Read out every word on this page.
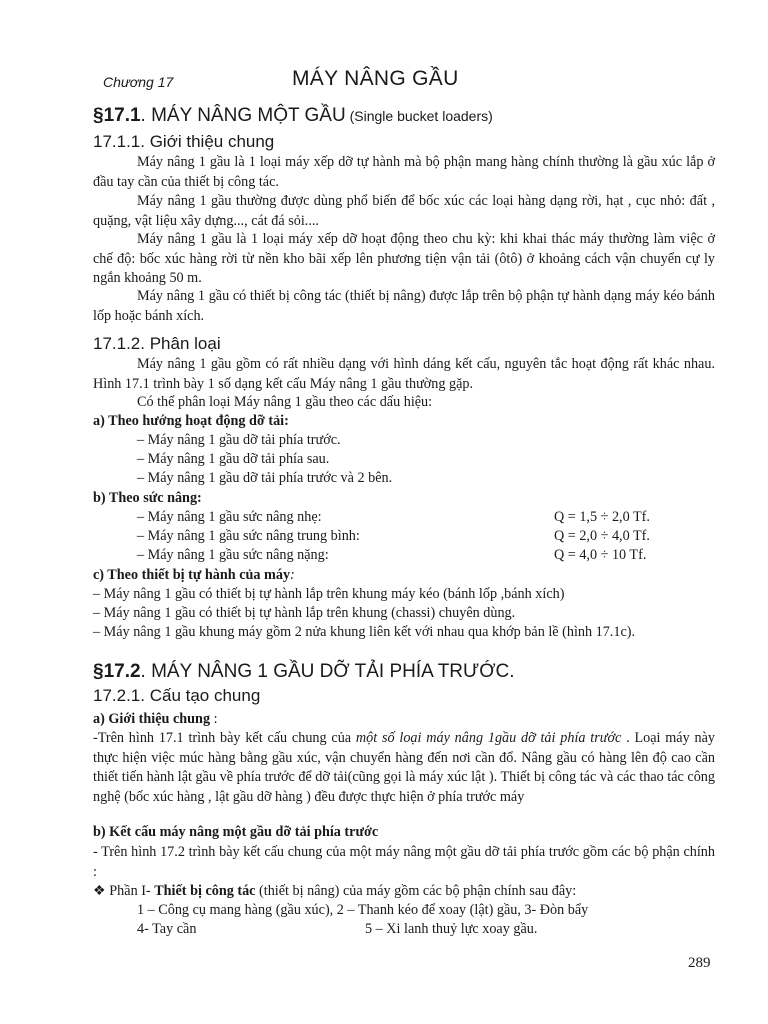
Chương 17	MÁY NÂNG GẦU
§17.1. MÁY NÂNG MỘT GẦU (Single bucket loaders)
17.1.1. Giới thiệu chung
Máy nâng 1 gầu là 1 loại máy xếp dỡ tự hành mà bộ phận mang hàng chính thường là gầu xúc lắp ở đầu tay cần của thiết bị công tác.
Máy nâng 1 gầu thường được dùng phổ biến để bốc xúc các loại hàng dạng rời, hạt , cục nhỏ: đất , quặng, vật liệu xây dựng..., cát đá sỏi....
Máy nâng 1 gầu là 1 loại máy xếp dỡ hoạt động theo chu kỳ: khi khai thác máy thường làm việc ở chế độ: bốc xúc hàng rời từ nền kho bãi xếp lên phương tiện vận tải (ôtô) ở khoảng cách vận chuyển cự ly ngắn khoảng 50 m.
Máy nâng 1 gầu có thiết bị công tác (thiết bị nâng) được lắp trên bộ phận tự hành dạng máy kéo bánh lốp hoặc bánh xích.
17.1.2. Phân loại
Máy nâng 1 gầu gồm có rất nhiều dạng với hình dáng kết cấu, nguyên tắc hoạt động rất khác nhau. Hình 17.1 trình bày 1 số dạng kết cấu Máy nâng 1 gầu thường gặp.
Có thể phân loại Máy nâng 1 gầu theo các dấu hiệu:
a) Theo hướng hoạt động dỡ tải:
– Máy nâng 1 gầu dỡ tải phía trước.
– Máy nâng 1 gầu dỡ tải phía sau.
– Máy nâng 1 gầu dỡ tải phía trước và 2 bên.
b) Theo sức nâng:
– Máy nâng 1 gầu sức nâng nhẹ:	Q = 1,5 ÷ 2,0 Tf.
– Máy nâng 1 gầu sức nâng trung bình:	Q = 2,0 ÷ 4,0 Tf.
– Máy nâng 1 gầu sức nâng nặng:	Q = 4,0 ÷ 10 Tf.
c) Theo thiết bị tự hành của máy:
– Máy nâng 1 gầu có thiết bị tự hành lắp trên khung máy kéo (bánh lốp ,bánh xích)
– Máy nâng 1 gầu có thiết bị tự hành lắp trên khung (chassi) chuyên dùng.
– Máy nâng 1 gầu khung máy gồm 2 nửa khung liên kết với nhau qua khớp bản lề (hình 17.1c).
§17.2. MÁY NÂNG 1 GẦU DỠ TẢI PHÍA TRƯỚC.
17.2.1. Cấu tạo chung
a) Giới thiệu chung :
-Trên hình 17.1 trình bày kết cấu chung của một số loại máy nâng 1gầu dỡ tải phía trước . Loại máy này thực hiện việc múc hàng bằng gầu xúc, vận chuyển hàng đến nơi cần đổ. Nâng gầu có hàng lên độ cao cần thiết tiến hành lật gầu về phía trước để dỡ tải(cũng gọi là máy xúc lật ). Thiết bị công tác và các thao tác công nghệ (bốc xúc hàng , lật gầu dỡ hàng ) đều được thực hiện ở phía trước máy
b) Kết cấu máy nâng một gầu dỡ tải phía trước
- Trên hình 17.2 trình bày kết cấu chung của một máy nâng một gầu dỡ tải phía trước gồm các bộ phận chính :
❖ Phần I- Thiết bị công tác (thiết bị nâng) của máy gồm các bộ phận chính sau đây:
1 – Công cụ mang hàng (gầu xúc), 2 – Thanh kéo để xoay (lật) gầu, 3- Đòn bẩy
4- Tay cần	5 – Xi lanh thuỷ lực xoay gầu.
289
